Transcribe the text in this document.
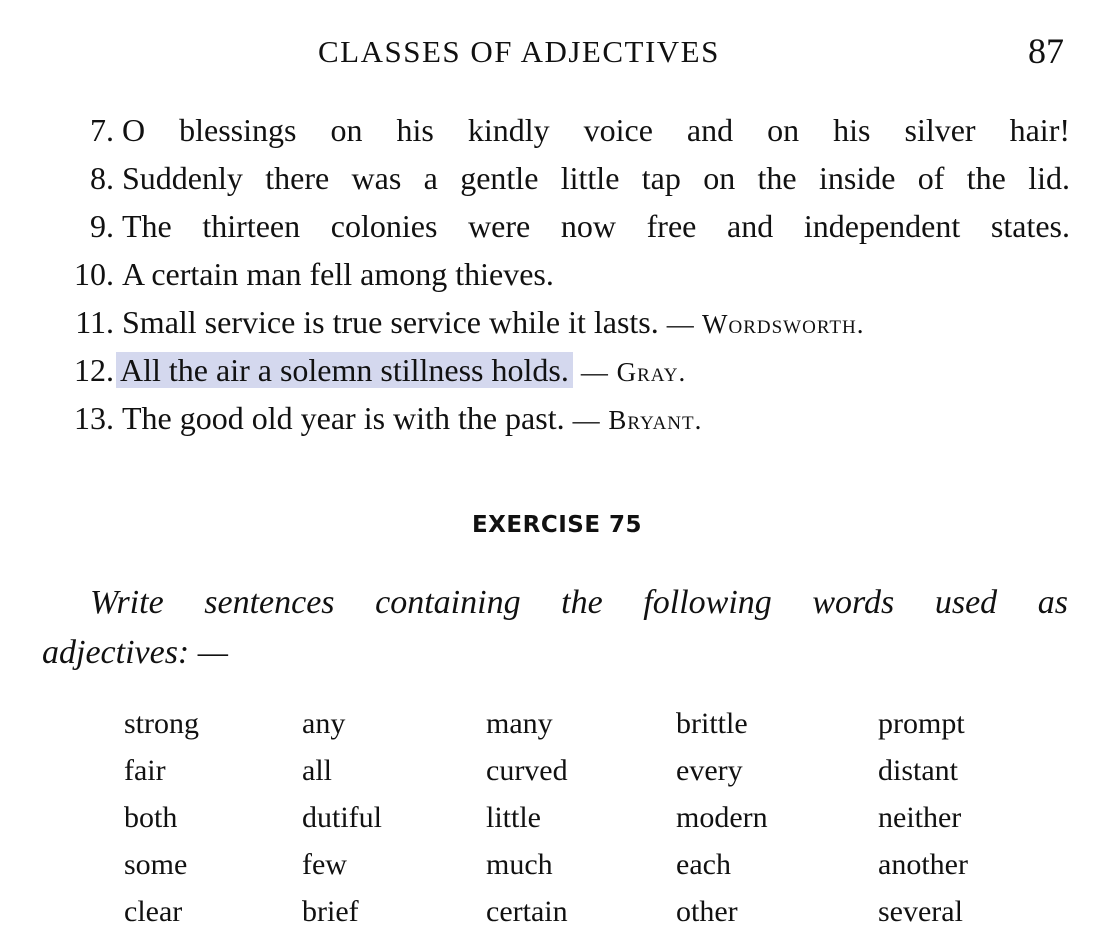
CLASSES OF ADJECTIVES	87
7. O blessings on his kindly voice and on his silver hair!
8. Suddenly there was a gentle little tap on the inside of the lid.
9. The thirteen colonies were now free and independent states.
10. A certain man fell among thieves.
11. Small service is true service while it lasts. — Wordsworth.
12. All the air a solemn stillness holds. — Gray.
13. The good old year is with the past. — Bryant.
EXERCISE 75
Write sentences containing the following words used as
adjectives: —
strong	any	many	brittle	prompt
fair	all	curved	every	distant
both	dutiful	little	modern	neither
some	few	much	each	another
clear	brief	certain	other	several
